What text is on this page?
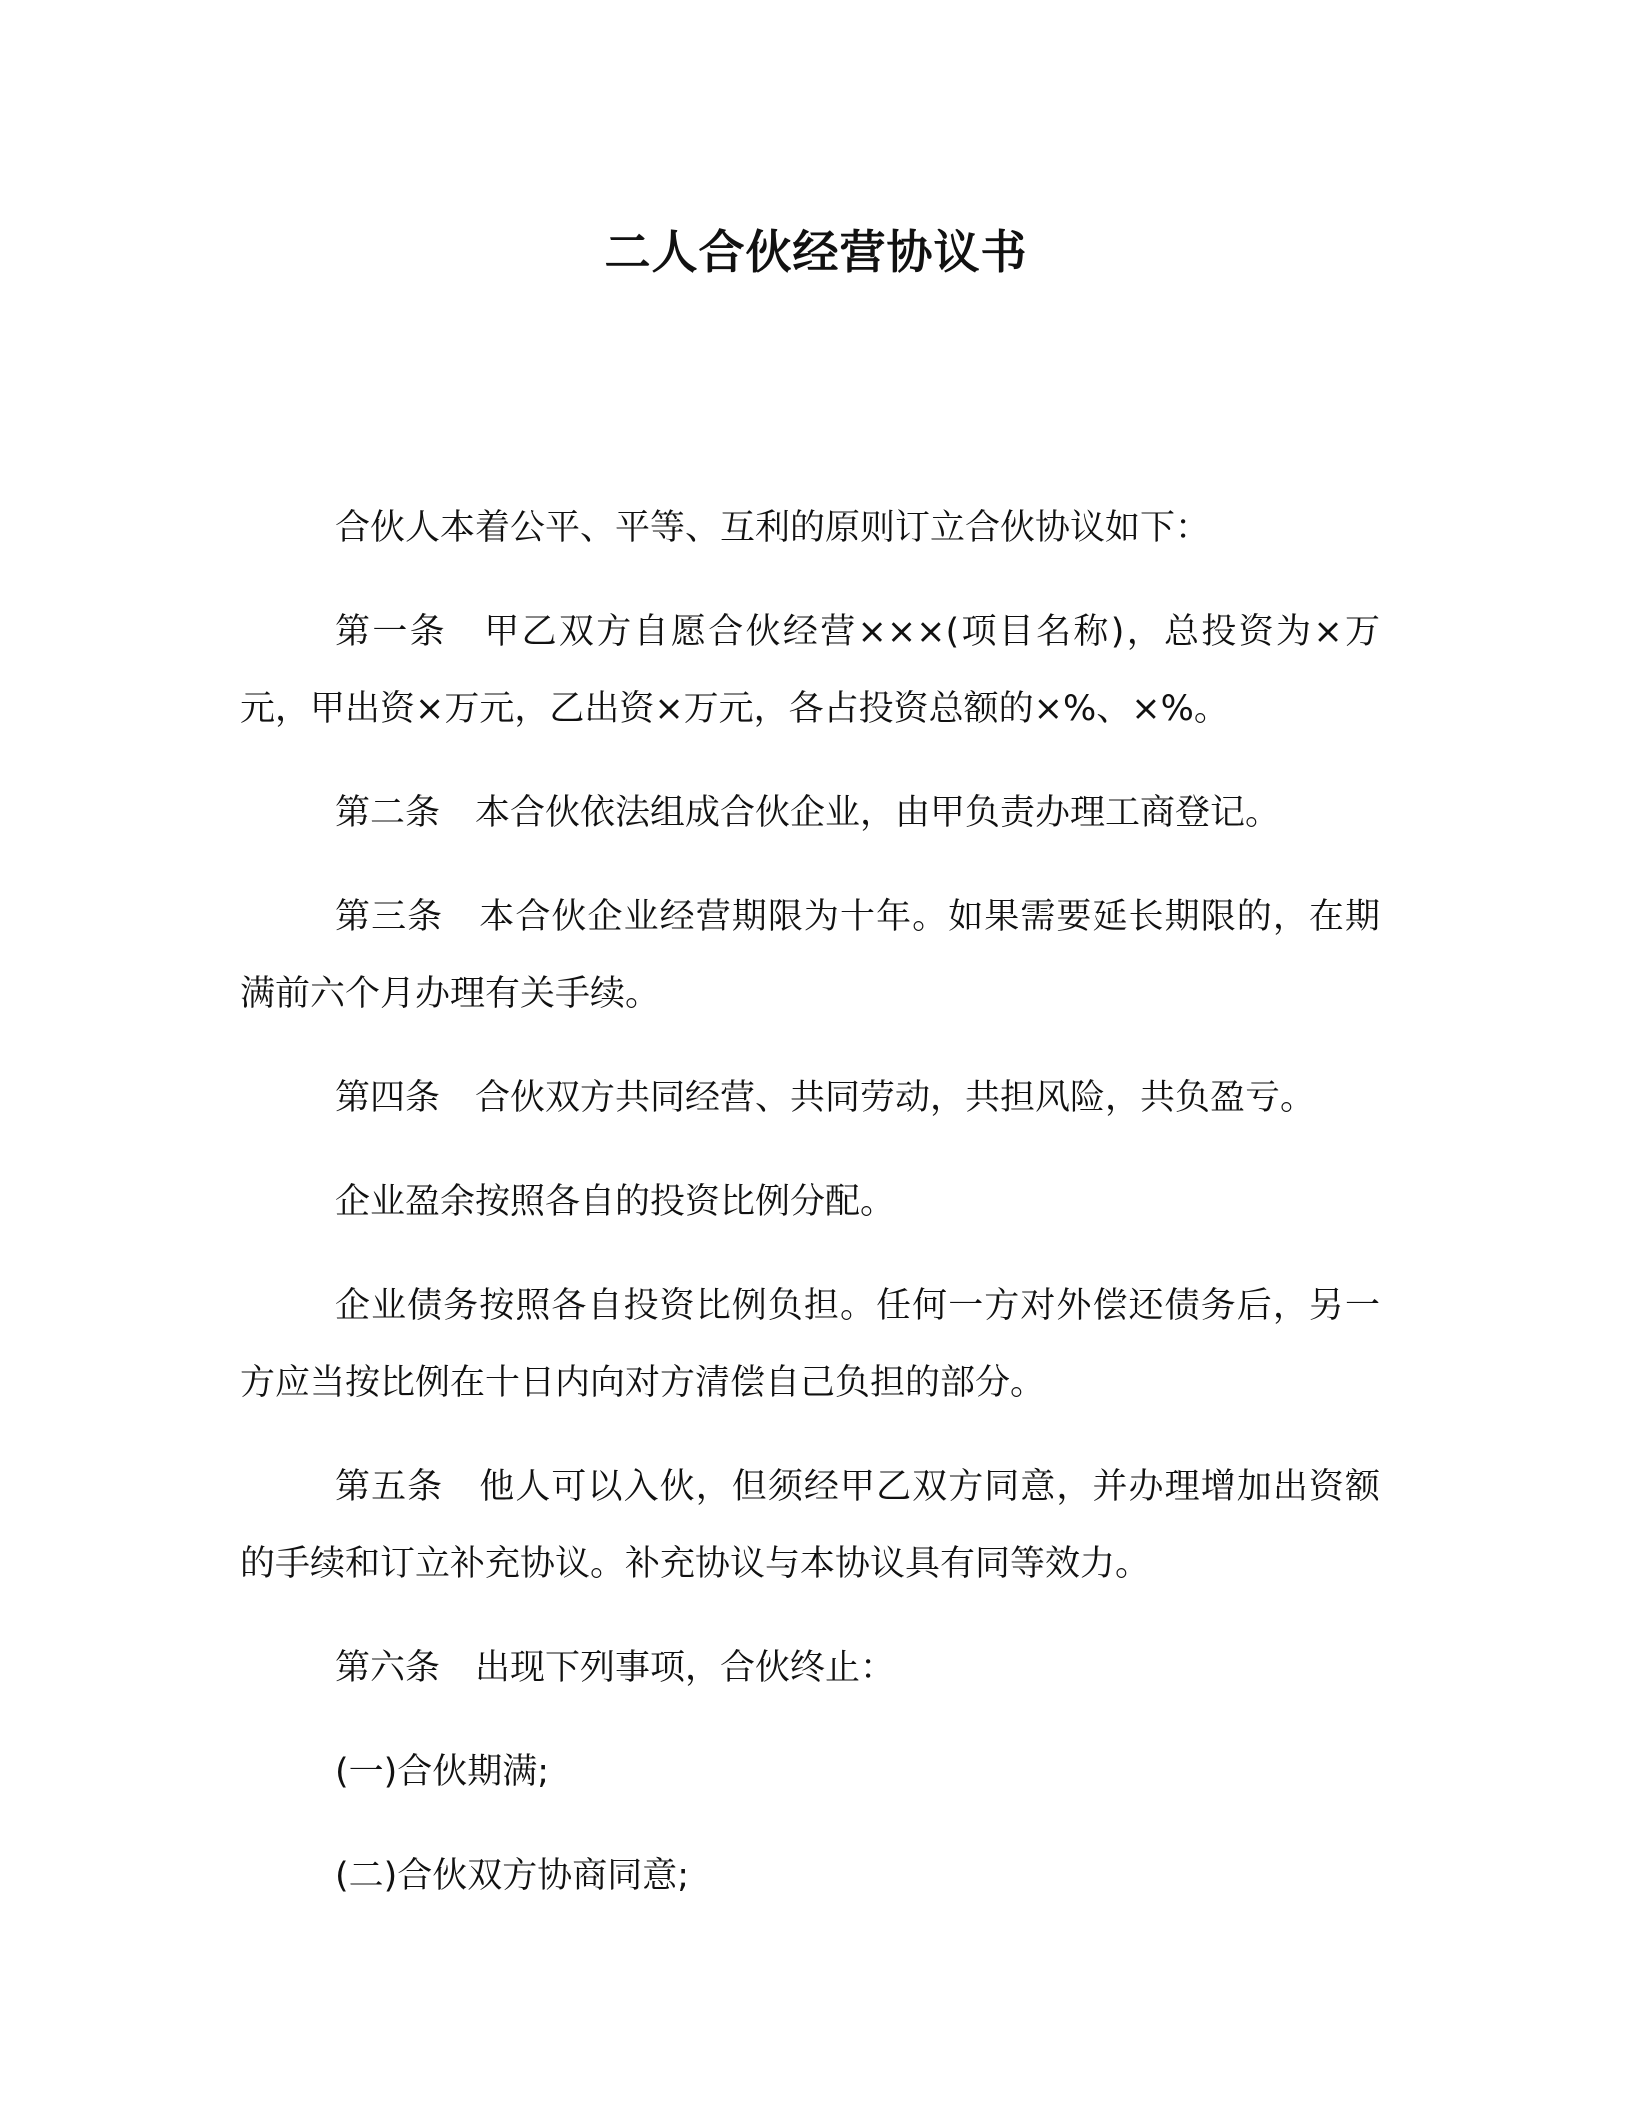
二人合伙经营协议书

合伙人本着公平、平等、互利的原则订立合伙协议如下：

第一条　甲乙双方自愿合伙经营×××(项目名称)，总投资为×万元，甲出资×万元，乙出资×万元，各占投资总额的×%、×%。

第二条　本合伙依法组成合伙企业，由甲负责办理工商登记。

第三条　本合伙企业经营期限为十年。如果需要延长期限的，在期满前六个月办理有关手续。

第四条　合伙双方共同经营、共同劳动，共担风险，共负盈亏。

企业盈余按照各自的投资比例分配。

企业债务按照各自投资比例负担。任何一方对外偿还债务后，另一方应当按比例在十日内向对方清偿自己负担的部分。

第五条　他人可以入伙，但须经甲乙双方同意，并办理增加出资额的手续和订立补充协议。补充协议与本协议具有同等效力。

第六条　出现下列事项，合伙终止：

(一)合伙期满;

(二)合伙双方协商同意;
